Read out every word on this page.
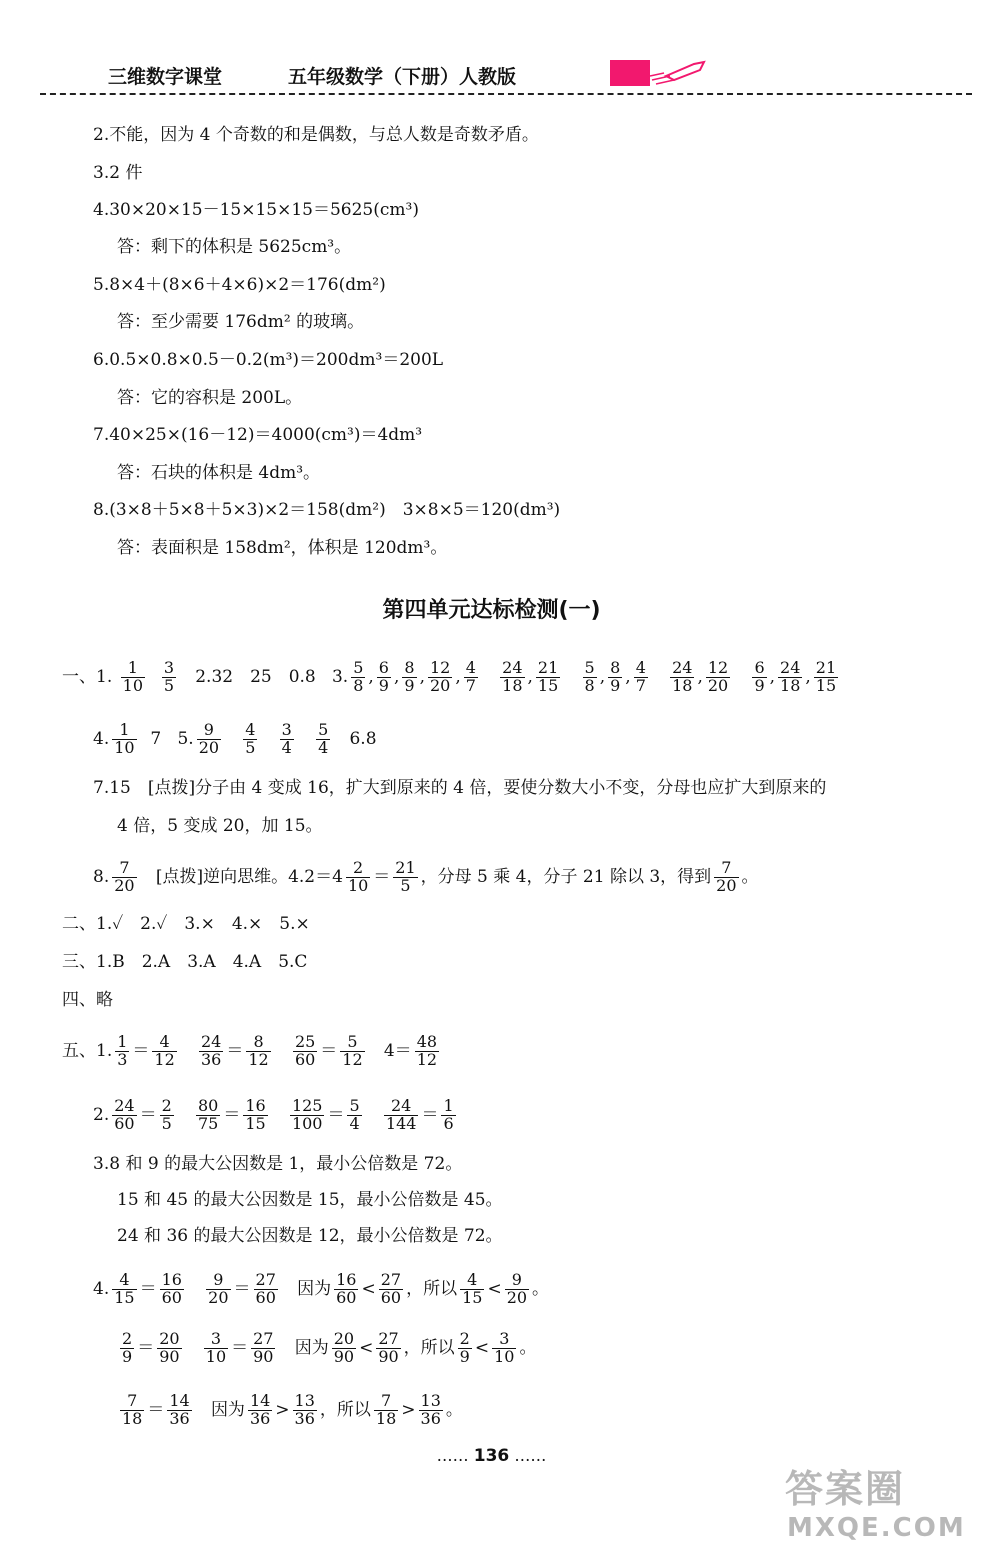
三维数字课堂	五年级数学（下册）人教版
2.不能，因为 4 个奇数的和是偶数，与总人数是奇数矛盾。
3.2 件
4.30×20×15－15×15×15＝5625(cm³)
答：剩下的体积是 5625cm³。
5.8×4＋(8×6＋4×6)×2＝176(dm²)
答：至少需要 176dm² 的玻璃。
6.0.5×0.8×0.5－0.2(m³)＝200dm³＝200L
答：它的容积是 200L。
7.40×25×(16－12)＝4000(cm³)＝4dm³
答：石块的体积是 4dm³。
8.(3×8＋5×8＋5×3)×2＝158(dm²)　3×8×5＝120(dm³)
答：表面积是 158dm²，体积是 120dm³。
第四单元达标检测(一)
一、1. $\frac{1}{10}$
$\frac{3}{5} 2.32$　25　0.8 3. $\frac{5}{8}$ , $\frac{6}{9}$ , $\frac{8}{9}$ , $\frac{12}{20}$ , $\frac{4}{7}$
$\frac{24}{18}$ , $\frac{21}{15}$
$\frac{5}{8}$ , $\frac{8}{9}$ , $\frac{4}{7}$
$\frac{24}{18}$ , $\frac{12}{20}$
$\frac{6}{9}$ , $\frac{24}{18}$ , $\frac{21}{15}$
4. $\frac{1}{10} 7$ 5. $\frac{9}{20}$
$\frac{4}{5}$
$\frac{3}{4}$
$\frac{5}{4} 6.8$
7.15　[点拨]分子由 4 变成 16，扩大到原来的 4 倍，要使分数大小不变，分母也应扩大到原来的
4 倍，5 变成 20，加 15。
8. $\frac{7}{20}$ [点拨]逆向思维。$4.2=4 \frac{2}{10} = \frac{21}{5}$ ，分母 5 乘 4，分子 21 除以 3，得到 $\frac{7}{20}$ 。
二、1.✓　2.✓　3.×　4.×　5.×
三、1.B　2.A　3.A　4.A　5.C
四、略
五、1. $\frac{1}{3} = \frac{4}{12}$
$\frac{24}{36} = \frac{8}{12}$
$\frac{25}{60} = \frac{5}{12} 4= \frac{48}{12}$
2. $\frac{24}{60} = \frac{2}{5}$
$\frac{80}{75} = \frac{16}{15}$
$\frac{125}{100} = \frac{5}{4}$
$\frac{24}{144} = \frac{1}{6}$
3.8 和 9 的最大公因数是 1，最小公倍数是 72。
15 和 45 的最大公因数是 15，最小公倍数是 45。
24 和 36 的最大公因数是 12，最小公倍数是 72。
4. $\frac{4}{15} = \frac{16}{60}$
$\frac{9}{20} = \frac{27}{60}$ 因为 $\frac{16}{60} < \frac{27}{60}$ ，所以 $\frac{4}{15} < \frac{9}{20}$ 。
$\frac{2}{9} = \frac{20}{90}$
$\frac{3}{10} = \frac{27}{90}$ 因为 $\frac{20}{90} < \frac{27}{90}$ ，所以 $\frac{2}{9} < \frac{3}{10}$ 。
$\frac{7}{18} = \frac{14}{36}$ 因为 $\frac{14}{36} > \frac{13}{36}$ ，所以 $\frac{7}{18} > \frac{13}{36}$ 。
…… 136 ……
答案圈
MXQE.COM
